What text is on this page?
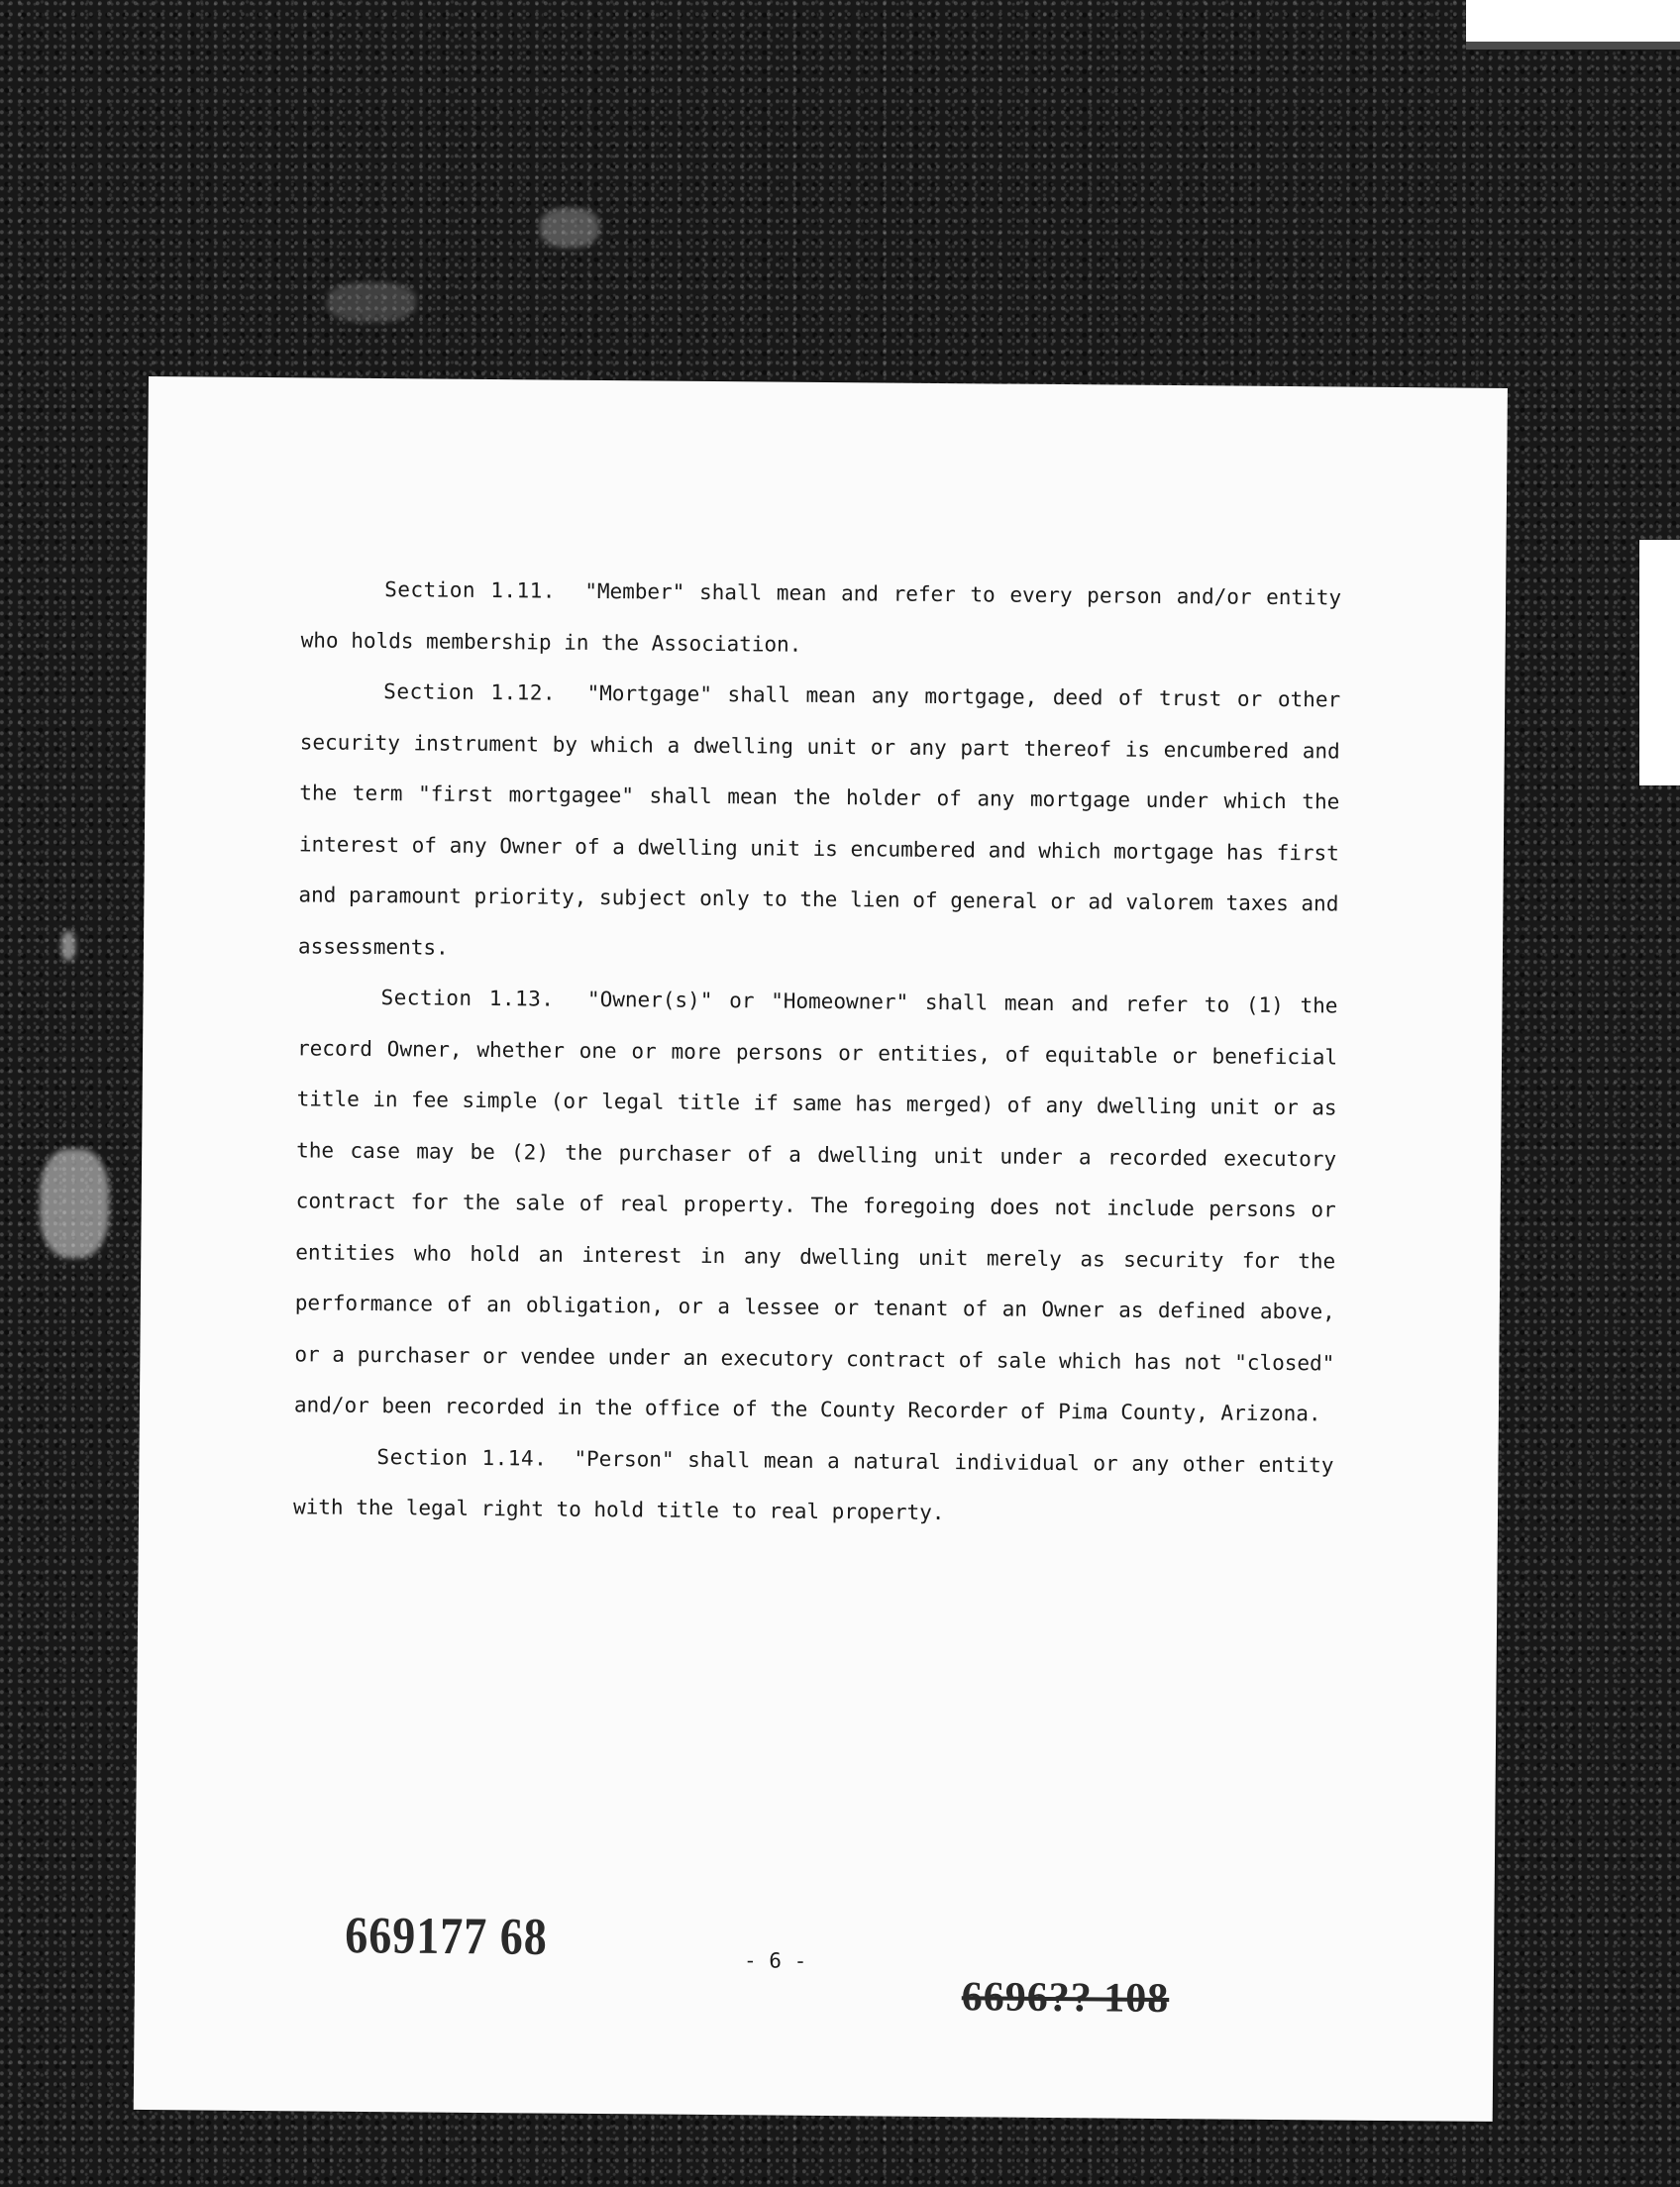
Section 1.11. "Member" shall mean and refer to every person and/or entity who holds membership in the Association.

Section 1.12. "Mortgage" shall mean any mortgage, deed of trust or other security instrument by which a dwelling unit or any part thereof is encumbered and the term "first mortgagee" shall mean the holder of any mortgage under which the interest of any Owner of a dwelling unit is encumbered and which mortgage has first and paramount priority, subject only to the lien of general or ad valorem taxes and assessments.

Section 1.13. "Owner(s)" or "Homeowner" shall mean and refer to (1) the record Owner, whether one or more persons or entities, of equitable or beneficial title in fee simple (or legal title if same has merged) of any dwelling unit or as the case may be (2) the purchaser of a dwelling unit under a recorded executory contract for the sale of real property. The foregoing does not include persons or entities who hold an interest in any dwelling unit merely as security for the performance of an obligation, or a lessee or tenant of an Owner as defined above, or a purchaser or vendee under an executory contract of sale which has not "closed" and/or been recorded in the office of the County Recorder of Pima County, Arizona.

Section 1.14. "Person" shall mean a natural individual or any other entity with the legal right to hold title to real property.

669177 68	- 6 -
6696?? 108
